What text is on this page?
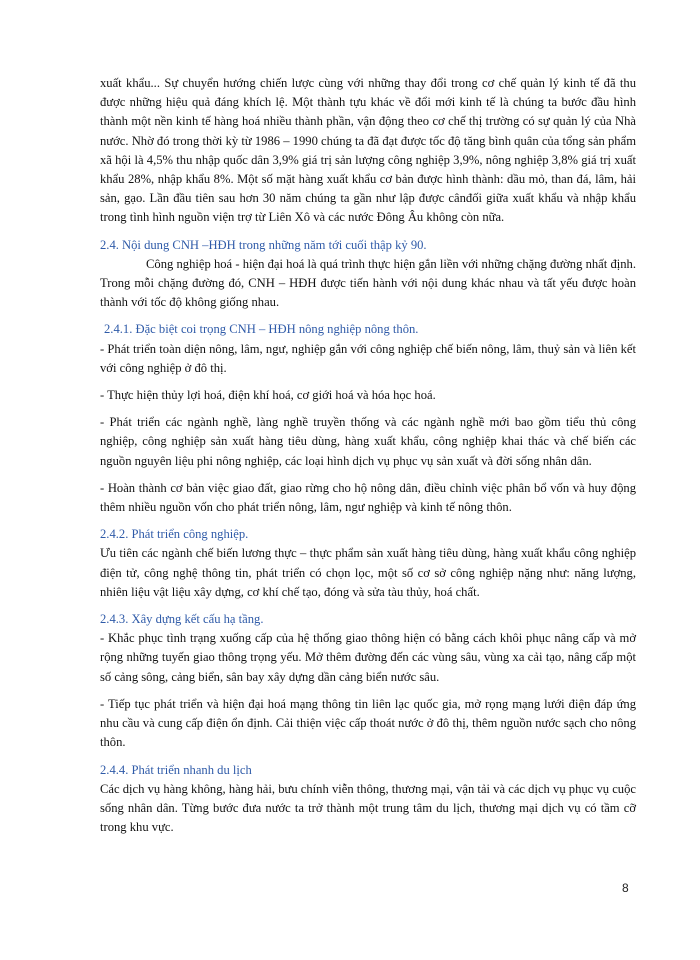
xuất khẩu... Sự chuyển hướng chiến lược cùng với những thay đổi trong cơ chế quản lý kinh tế đã thu được những hiệu quả đáng khích lệ. Một thành tựu khác về đổi mới kinh tế là chúng ta bước đầu hình thành một nền kinh tế hàng hoá nhiều thành phần, vận động theo cơ chế thị trường có sự quản lý của Nhà nước. Nhờ đó trong thời kỳ từ 1986 – 1990 chúng ta đã đạt được tốc độ tăng bình quân của tổng sản phẩm xã hội là 4,5% thu nhập quốc dân 3,9% giá trị sản lượng công nghiệp 3,9%, nông nghiệp 3,8% giá trị xuất khẩu 28%, nhập khẩu 8%. Một số mặt hàng xuất khẩu cơ bản được hình thành: dầu mỏ, than đá, lâm, hải sản, gạo. Lần đầu tiên sau hơn 30 năm chúng ta gần như lập được cânđối giữa xuất khẩu và nhập khẩu trong tình hình nguồn viện trợ từ Liên Xô và các nước Đông Âu không còn nữa.

2.4. Nội dung CNH –HĐH trong những năm tới cuối thập kỷ 90.

Công nghiệp hoá - hiện đại hoá là quá trình thực hiện gắn liền với những chặng đường nhất định. Trong mỗi chặng đường đó, CNH – HĐH được tiến hành với nội dung khác nhau và tất yếu được hoàn thành với tốc độ không giống nhau.

2.4.1. Đặc biệt coi trọng CNH – HĐH nông nghiệp nông thôn.

- Phát triển toàn diện nông, lâm, ngư, nghiệp gắn với công nghiệp chế biến nông, lâm, thuỷ sản và liên kết với công nghiệp ở đô thị.

- Thực hiện thủy lợi hoá, điện khí hoá, cơ giới hoá và hóa học hoá.

- Phát triển các ngành nghề, làng nghề truyền thống và các ngành nghề mới bao gồm tiểu thủ công nghiệp, công nghiệp sản xuất hàng tiêu dùng, hàng xuất khẩu, công nghiệp khai thác và chế biến các nguồn nguyên liệu phi nông nghiệp, các loại hình dịch vụ phục vụ sản xuất và đời sống nhân dân.

- Hoàn thành cơ bản việc giao đất, giao rừng cho hộ nông dân, điều chỉnh việc phân bổ vốn và huy động thêm nhiều nguồn vốn cho phát triển nông, lâm, ngư nghiệp và kinh tế nông thôn.

2.4.2. Phát triển công nghiệp.

Ưu tiên các ngành chế biến lương thực – thực phẩm sản xuất hàng tiêu dùng, hàng xuất khẩu công nghiệp điện tử, công nghệ thông tin, phát triển có chọn lọc, một số cơ sở công nghiệp nặng như: năng lượng, nhiên liệu vật liệu xây dựng, cơ khí chế tạo, đóng và sửa tàu thủy, hoá chất.

2.4.3. Xây dựng kết cấu hạ tầng.

- Khắc phục tình trạng xuống cấp của hệ thống giao thông hiện có bằng cách khôi phục nâng cấp và mở rộng những tuyến giao thông trọng yếu. Mở thêm đường đến các vùng sâu, vùng xa cải tạo, nâng cấp một số cảng sông, cảng biển, sân bay xây dựng dần cảng biển nước sâu.

- Tiếp tục phát triển và hiện đại hoá mạng thông tin liên lạc quốc gia, mở rọng mạng lưới điện đáp ứng nhu cầu và cung cấp điện ổn định. Cải thiện việc cấp thoát nước ở đô thị, thêm nguồn nước sạch cho nông thôn.

2.4.4. Phát triển nhanh du lịch

Các dịch vụ hàng không, hàng hải, bưu chính viễn thông, thương mại, vận tải và các dịch vụ phục vụ cuộc sống nhân dân. Từng bước đưa nước ta trở thành một trung tâm du lịch, thương mại dịch vụ có tầm cỡ trong khu vực.

8
